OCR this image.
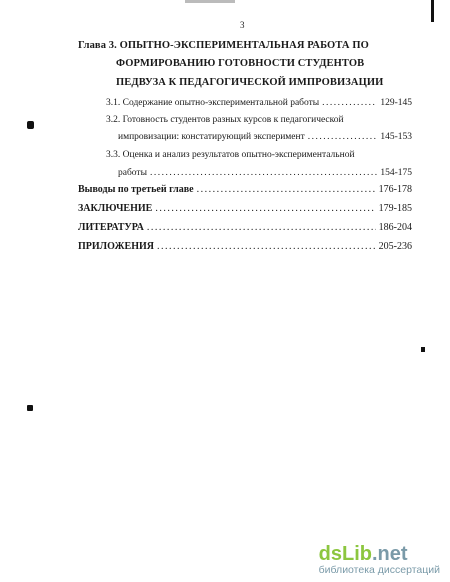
3
Глава 3. ОПЫТНО-ЭКСПЕРИМЕНТАЛЬНАЯ РАБОТА ПО
ФОРМИРОВАНИЮ ГОТОВНОСТИ СТУДЕНТОВ
ПЕДВУЗА К ПЕДАГОГИЧЕСКОЙ ИМПРОВИЗАЦИИ
3.1. Содержание опытно-экспериментальной работы .....	129-145
3.2. Готовность студентов разных курсов к педагогической
импровизации: констатирующий эксперимент .....	145-153
3.3. Оценка и анализ результатов опытно-экспериментальной
работы .....	154-175
Выводы по третьей главе .....	176-178
ЗАКЛЮЧЕНИЕ .....	179-185
ЛИТЕРАТУРА .....	186-204
ПРИЛОЖЕНИЯ .....	205-236
dsLib.net
библиотека диссертаций
